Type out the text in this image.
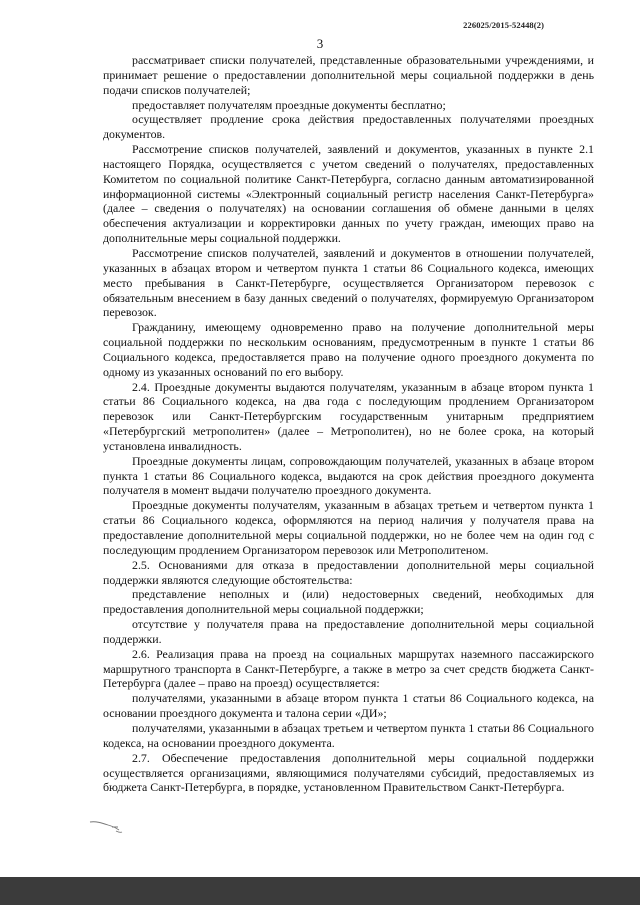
226025/2015-52448(2)
3

рассматривает списки получателей, представленные образовательными учреждениями, и принимает решение о предоставлении дополнительной меры социальной поддержки в день подачи списков получателей;

предоставляет получателям проездные документы бесплатно;

осуществляет продление срока действия предоставленных получателями проездных документов.

Рассмотрение списков получателей, заявлений и документов, указанных в пункте 2.1 настоящего Порядка, осуществляется с учетом сведений о получателях, предоставленных Комитетом по социальной политике Санкт-Петербурга, согласно данным автоматизированной информационной системы «Электронный социальный регистр населения Санкт-Петербурга» (далее – сведения о получателях) на основании соглашения об обмене данными в целях обеспечения актуализации и корректировки данных по учету граждан, имеющих право на дополнительные меры социальной поддержки.

Рассмотрение списков получателей, заявлений и документов в отношении получателей, указанных в абзацах втором и четвертом пункта 1 статьи 86 Социального кодекса, имеющих место пребывания в Санкт-Петербурге, осуществляется Организатором перевозок с обязательным внесением в базу данных сведений о получателях, формируемую Организатором перевозок.

Гражданину, имеющему одновременно право на получение дополнительной меры социальной поддержки по нескольким основаниям, предусмотренным в пункте 1 статьи 86 Социального кодекса, предоставляется право на получение одного проездного документа по одному из указанных оснований по его выбору.

2.4. Проездные документы выдаются получателям, указанным в абзаце втором пункта 1 статьи 86 Социального кодекса, на два года с последующим продлением Организатором перевозок или Санкт-Петербургским государственным унитарным предприятием «Петербургский метрополитен» (далее – Метрополитен), но не более срока, на который установлена инвалидность.

Проездные документы лицам, сопровождающим получателей, указанных в абзаце втором пункта 1 статьи 86 Социального кодекса, выдаются на срок действия проездного документа получателя в момент выдачи получателю проездного документа.

Проездные документы получателям, указанным в абзацах третьем и четвертом пункта 1 статьи 86 Социального кодекса, оформляются на период наличия у получателя права на предоставление дополнительной меры социальной поддержки, но не более чем на один год с последующим продлением Организатором перевозок или Метрополитеном.

2.5. Основаниями для отказа в предоставлении дополнительной меры социальной поддержки являются следующие обстоятельства:

представление неполных и (или) недостоверных сведений, необходимых для предоставления дополнительной меры социальной поддержки;

отсутствие у получателя права на предоставление дополнительной меры социальной поддержки.

2.6. Реализация права на проезд на социальных маршрутах наземного пассажирского маршрутного транспорта в Санкт-Петербурге, а также в метро за счет средств бюджета Санкт-Петербурга (далее – право на проезд) осуществляется:

получателями, указанными в абзаце втором пункта 1 статьи 86 Социального кодекса, на основании проездного документа и талона серии «ДИ»;

получателями, указанными в абзацах третьем и четвертом пункта 1 статьи 86 Социального кодекса, на основании проездного документа.

2.7. Обеспечение предоставления дополнительной меры социальной поддержки осуществляется организациями, являющимися получателями субсидий, предоставляемых из бюджета Санкт-Петербурга, в порядке, установленном Правительством Санкт-Петербурга.
